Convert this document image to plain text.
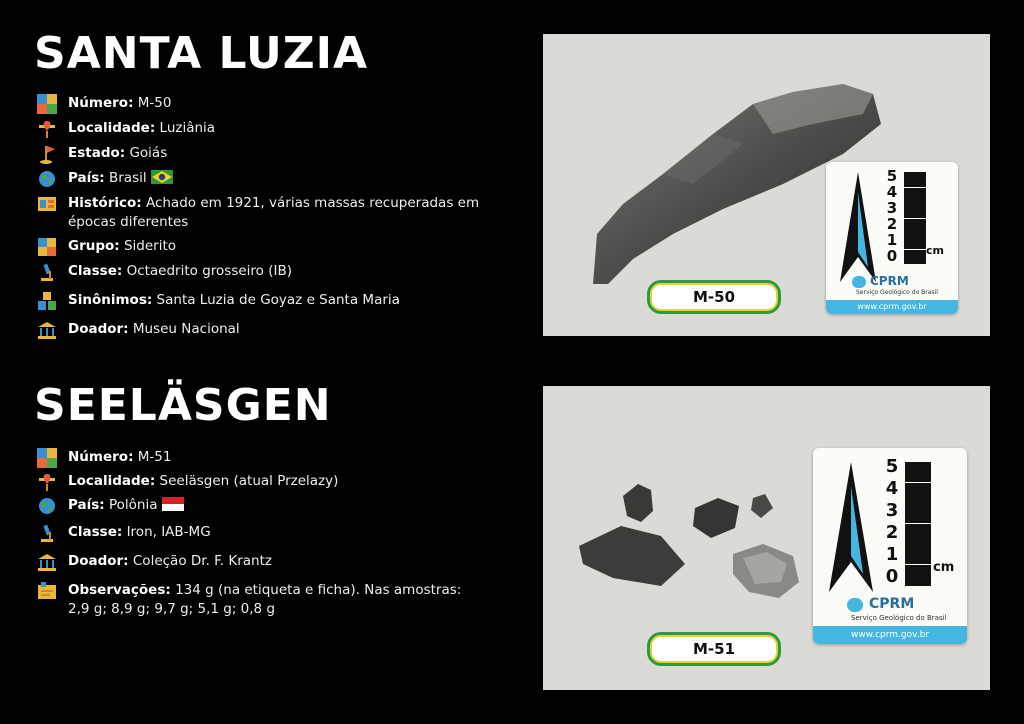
SANTA LUZIA
Número: M-50
Localidade: Luziânia
Estado: Goiás
País: Brasil
Histórico: Achado em 1921, várias massas recuperadas em épocas diferentes
Grupo: Siderito
Classe: Octaedrito grosseiro (IB)
Sinônimos: Santa Luzia de Goyaz e Santa Maria
Doador: Museu Nacional
5
4
3
2
1
0	cm
CPRM
Serviço Geológico do Brasil
www.cprm.gov.br
M-50
SEELÄSGEN
Número: M-51
Localidade: Seeläsgen (atual Przelazy)
País: Polônia
Classe: Iron, IAB-MG
Doador: Coleção Dr. F. Krantz
Observações: 134 g (na etiqueta e ficha). Nas amostras: 2,9 g; 8,9 g; 9,7 g; 5,1 g; 0,8 g
5
4
3
2
1
0	cm
CPRM
Serviço Geológico do Brasil
www.cprm.gov.br
M-51
